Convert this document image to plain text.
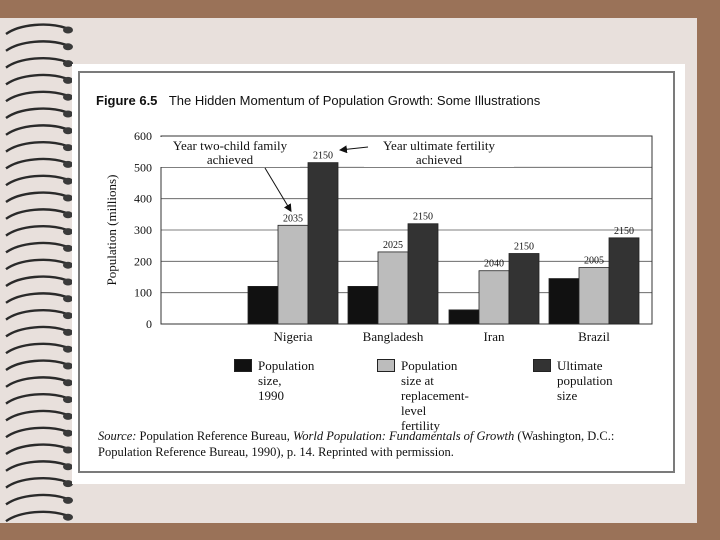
Figure 6.5 The Hidden Momentum of Population Growth: Some Illustrations
0
100
200
300
400
500
600
Population (millions)	2035
2150
Nigeria
2025
2150
Bangladesh
2040
2150
Iran
2005
2150
Brazil
Year two-child family achieved
Year ultimate fertility achieved
Population size,
1990
Population size at
replacement-level
fertility
Ultimate
population size
Source: Population Reference Bureau, World Population: Fundamentals of Growth (Washington, D.C.: Population Reference Bureau, 1990), p. 14. Reprinted with permission.
